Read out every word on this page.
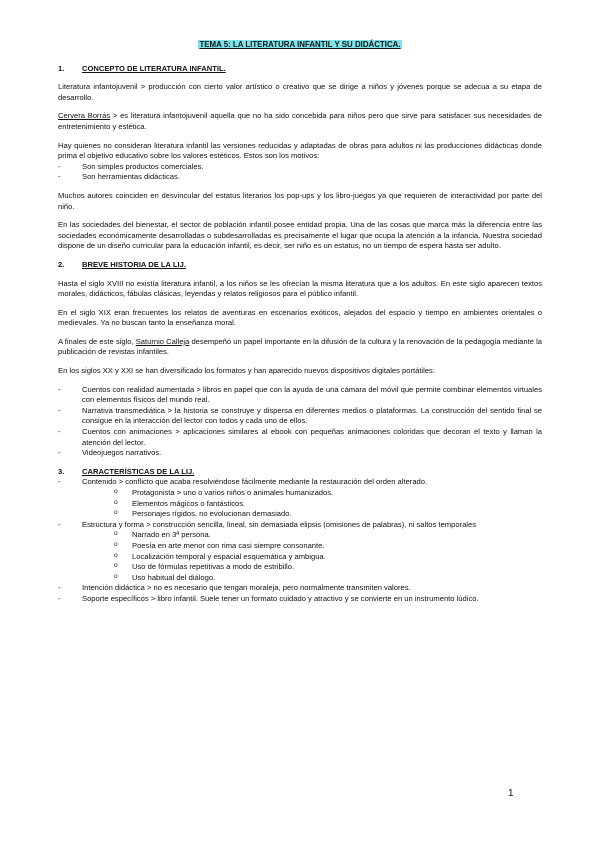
TEMA 5: LA LITERATURA INFANTIL Y SU DIDÁCTICA.
1. CONCEPTO DE LITERATURA INFANTIL.
Literatura infantojuvenil > producción con cierto valor artístico o creativo que se dirige a niños y jóvenes porque se adecua a su etapa de desarrollo.
Cervera Borrás > es literatura infantojuvenil aquella que no ha sido concebida para niños pero que sirve para satisfacer sus necesidades de entretenimiento y estética.
Hay quienes no consideran literatura infantil las versiones reducidas y adaptadas de obras para adultos ni las producciones didácticas donde prima el objetivo educativo sobre los valores estéticos. Estos son los motivos:
- Son simples productos comerciales.
- Son herramientas didácticas.
Muchos autores coinciden en desvincular del estatus literarios los pop-ups y los libro-juegos ya que requieren de interactividad por parte del niño.
En las sociedades del bienestar, el sector de población infantil posee entidad propia. Una de las cosas que marca más la diferencia entre las sociedades económicamente desarrolladas o subdesarrolladas es precisamente el lugar que ocupa la atención a la infancia. Nuestra sociedad dispone de un diseño curricular para la educación infantil, es decir, ser niño es un estatus, no un tiempo de espera hasta ser adulto.
2. BREVE HISTORIA DE LA LIJ.
Hasta el siglo XVIII no existía literatura infantil, a los niños se les ofrecían la misma literatura que a los adultos. En este siglo aparecen textos morales, didácticos, fábulas clásicas, leyendas y relatos religiosos para el público infantil.
En el siglo XIX eran frecuentes los relatos de aventuras en escenarios exóticos, alejados del espacio y tiempo en ambientes orientales o medievales. Ya no buscan tanto la enseñanza moral.
A finales de este siglo, Saturnio Calleja desempeñó un papel importante en la difusión de la cultura y la renovación de la pedagogía mediante la publicación de revistas infantiles.
En los siglos XX y XXI se han diversificado los formatos y han aparecido nuevos dispositivos digitales portátiles:
- Cuentos con realidad aumentada > libros en papel que con la ayuda de una cámara del móvil que permite combinar elementos virtuales con elementos físicos del mundo real.
- Narrativa transmediática > la historia se construye y dispersa en diferentes medios o plataformas. La construcción del sentido final se consigue en la interacción del lector con todos y cada uno de ellos.
- Cuentos con animaciones > aplicaciones similares al ebook con pequeñas animaciones coloridas que decoran el texto y llaman la atención del lector.
- Videojuegos narrativos.
3. CARACTERÍSTICAS DE LA LIJ.
- Contenido > conflicto que acaba resolviéndose fácilmente mediante la restauración del orden alterado.
o Protagonista > uno o varios niños o animales humanizados.
o Elementos mágicos o fantásticos.
o Personajes rígidos, no evolucionan demasiado.
- Estructura y forma > construcción sencilla, lineal, sin demasiada elipsis (omisiones de palabras), ni saltos temporales
o Narrado en 3ª persona.
o Poesía en arte menor con rima casi siempre consonante.
o Localización temporal y espacial esquemática y ambigua.
o Uso de fórmulas repetitivas a modo de estribillo.
o Uso habitual del diálogo.
- Intención didáctica > no es necesario que tengan moraleja, pero normalmente transmiten valores.
- Soporte específicos > libro infantil. Suele tener un formato cuidado y atractivo y se convierte en un instrumento lúdico.
1
